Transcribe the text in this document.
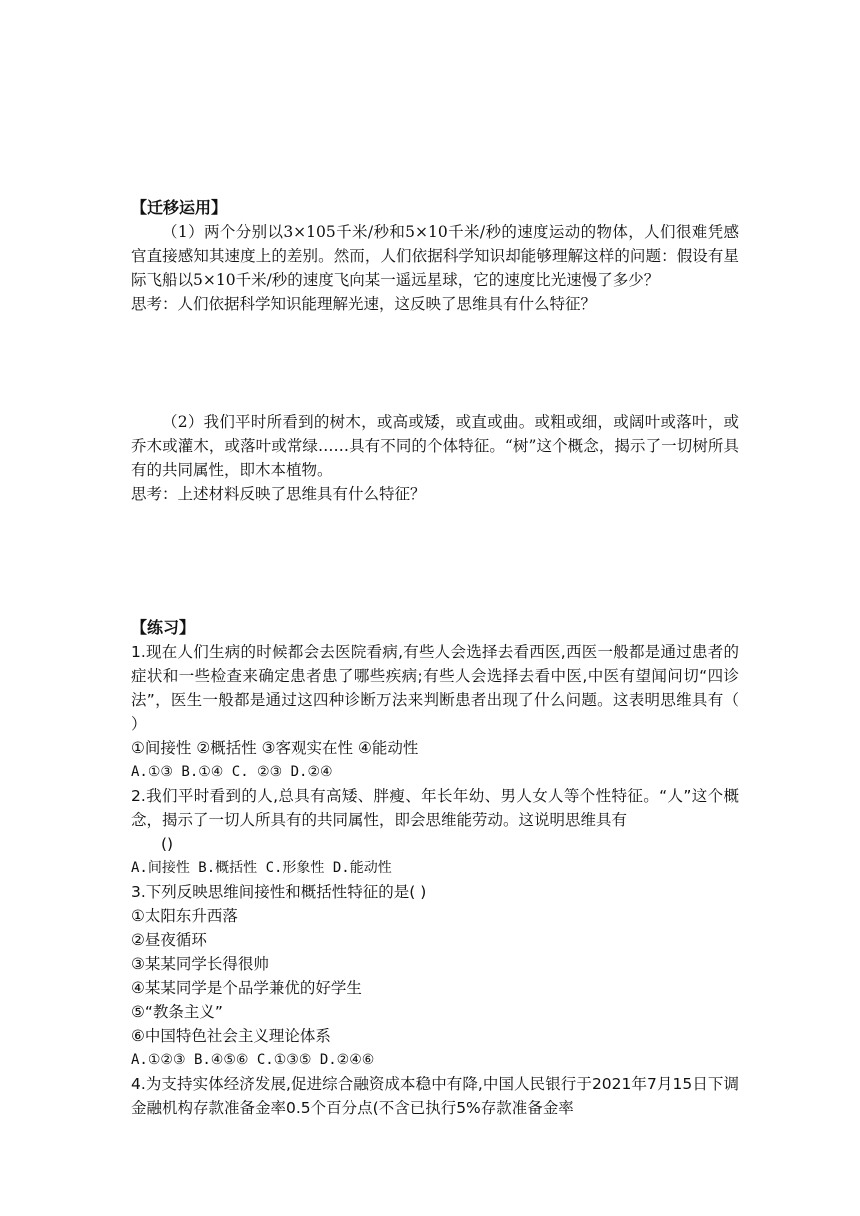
【迁移运用】

（1）两个分别以3×105千米/秒和5×10千米/秒的速度运动的物体，人们很难凭感官直接感知其速度上的差别。然而，人们依据科学知识却能够理解这样的问题：假设有星际飞船以5×10千米/秒的速度飞向某一遥远星球，它的速度比光速慢了多少？

思考：人们依据科学知识能理解光速，这反映了思维具有什么特征？

（2）我们平时所看到的树木，或高或矮，或直或曲。或粗或细，或阔叶或落叶，或乔木或灌木，或落叶或常绿……具有不同的个体特征。“树”这个概念，揭示了一切树所具有的共同属性，即木本植物。

思考：上述材料反映了思维具有什么特征？

【练习】

1.现在人们生病的时候都会去医院看病,有些人会选择去看西医,西医一般都是通过患者的症状和一些检查来确定患者患了哪些疾病;有些人会选择去看中医,中医有望闻问切“四诊法”，医生一般都是通过这四种诊断万法来判断患者出现了什么问题。这表明思维具有（ ）

①间接性 ②概括性 ③客观实在性 ④能动性

A.①③ B.①④ C. ②③ D.②④

2.我们平时看到的人,总具有高矮、胖瘦、年长年幼、男人女人等个性特征。“人”这个概念，揭示了一切人所具有的共同属性，即会思维能劳动。这说明思维具有

()

A.间接性 B.概括性 C.形象性 D.能动性

3.下列反映思维间接性和概括性特征的是( )

①太阳东升西落

②昼夜循环

③某某同学长得很帅

④某某同学是个品学兼优的好学生

⑤“教条主义”

⑥中国特色社会主义理论体系

A.①②③ B.④⑤⑥ C.①③⑤ D.②④⑥

4.为支持实体经济发展,促进综合融资成本稳中有降,中国人民银行于2021年7月15日下调金融机构存款准备金率0.5个百分点(不含已执行5%存款准备金率
